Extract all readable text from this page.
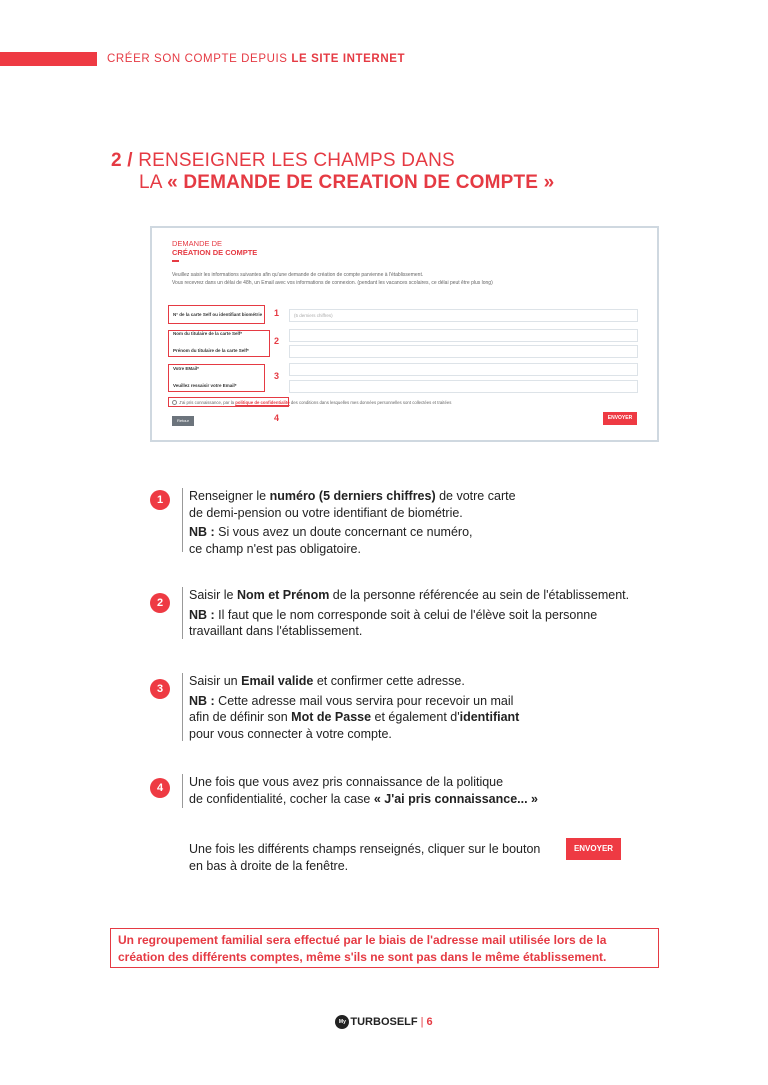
CRÉER SON COMPTE DEPUIS LE SITE INTERNET
2 / RENSEIGNER LES CHAMPS DANS
LA « DEMANDE DE CREATION DE COMPTE »
DEMANDE DE
CRÉATION DE COMPTE
Veuillez saisir les informations suivantes afin qu'une demande de création de compte parvienne à l'établissement.
Vous recevrez dans un délai de 48h, un Email avec vos informations de connexion. (pendant les vacances scolaires, ce délai peut être plus long)
N° de la carte Self ou identifiant biométrie 1	(5 derniers chiffres)
Nom du titulaire de la carte Self*
Prénom du titulaire de la carte Self*
2
Votre EMail*
Veuillez ressaisir votre Email*
3
J'ai pris connaissance, par la politique de confidentialité des conditions dans lesquelles mes données personnelles sont collectées et traitées
4
Retour	ENVOYER
1	Renseigner le numéro (5 derniers chiffres) de votre carte

de demi-pension ou votre identifiant de biométrie.

NB : Si vous avez un doute concernant ce numéro,

ce champ n'est pas obligatoire.

2

Saisir le Nom et Prénom de la personne référencée au sein de l'établissement.

NB : Il faut que le nom corresponde soit à celui de l'élève soit la personne

travaillant dans l'établissement.

3

Saisir un Email valide et confirmer cette adresse.

NB : Cette adresse mail vous servira pour recevoir un mail

afin de définir son Mot de Passe et également d'identifiant

pour vous connecter à votre compte.

4	Une fois que vous avez pris connaissance de la politique

de confidentialité, cocher la case « J'ai pris connaissance... »

Une fois les différents champs renseignés, cliquer sur le bouton

en bas à droite de la fenêtre.

ENVOYER
Un regroupement familial sera effectué par le biais de l'adresse mail utilisée lors de la
création des différents comptes, même s'ils ne sont pas dans le même établissement.
My TURBOSELF | 6
